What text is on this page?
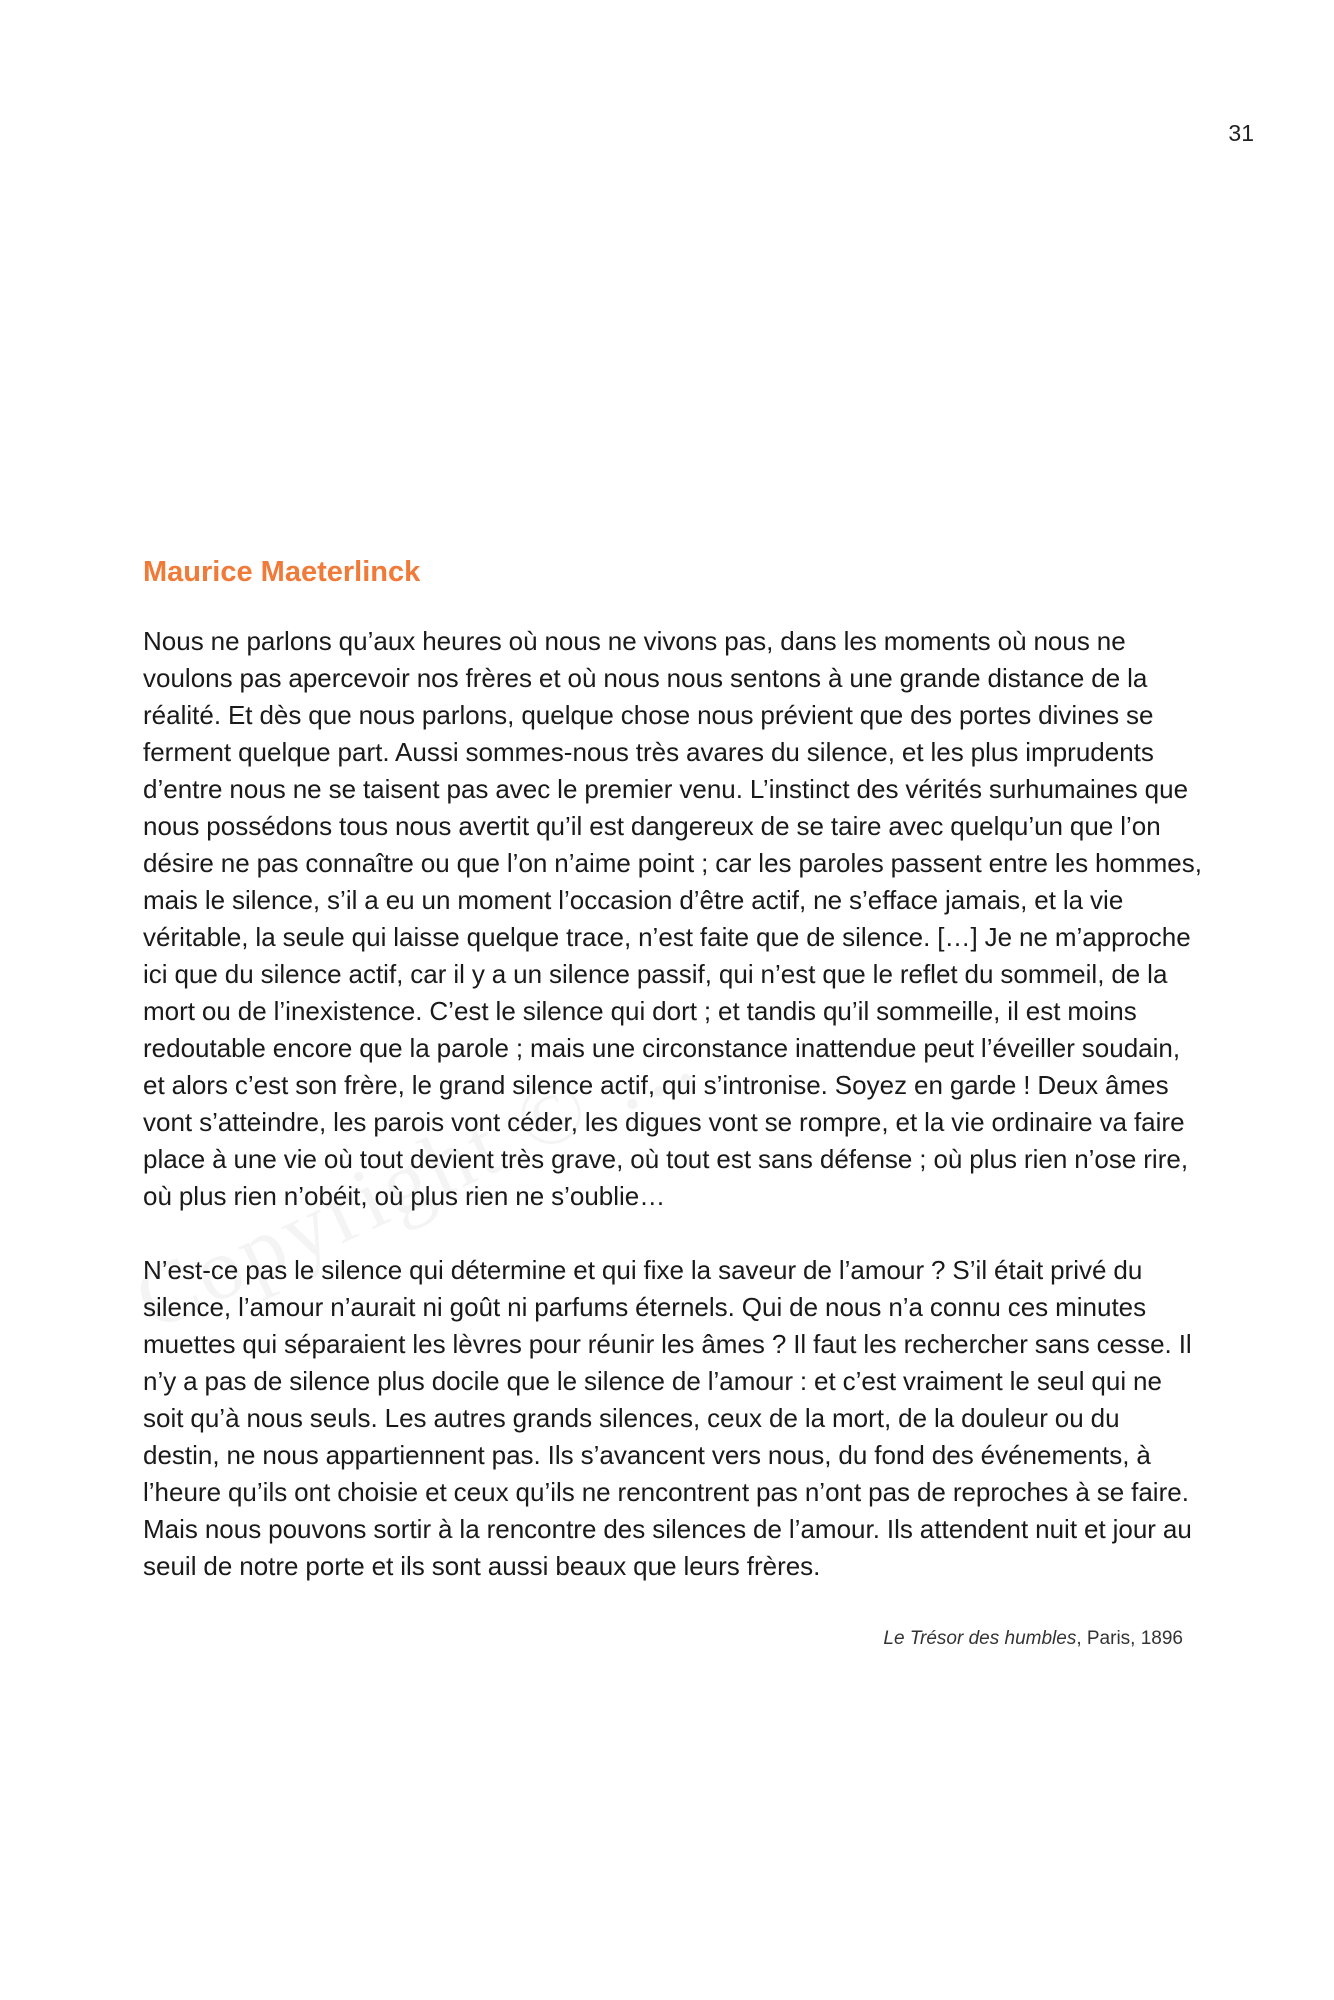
31
Maurice Maeterlinck

Nous ne parlons qu’aux heures où nous ne vivons pas, dans les moments où nous ne voulons pas apercevoir nos frères et où nous nous sentons à une grande distance de la réalité. Et dès que nous parlons, quelque chose nous prévient que des portes divines se ferment quelque part. Aussi sommes-nous très avares du silence, et les plus imprudents d’entre nous ne se taisent pas avec le premier venu. L’instinct des vérités surhumaines que nous possédons tous nous avertit qu’il est dangereux de se taire avec quelqu’un que l’on désire ne pas connaître ou que l’on n’aime point ; car les paroles passent entre les hommes, mais le silence, s’il a eu un moment l’occasion d’être actif, ne s’efface jamais, et la vie véritable, la seule qui laisse quelque trace, n’est faite que de silence. […] Je ne m’approche ici que du silence actif, car il y a un silence passif, qui n’est que le reflet du sommeil, de la mort ou de l’inexistence. C’est le silence qui dort ; et tandis qu’il sommeille, il est moins redoutable encore que la parole ; mais une circonstance inattendue peut l’éveiller soudain, et alors c’est son frère, le grand silence actif, qui s’intronise. Soyez en garde ! Deux âmes vont s’atteindre, les parois vont céder, les digues vont se rompre, et la vie ordinaire va faire place à une vie où tout devient très grave, où tout est sans défense ; où plus rien n’ose rire, où plus rien n’obéit, où plus rien ne s’oublie…

N’est-ce pas le silence qui détermine et qui fixe la saveur de l’amour ? S’il était privé du silence, l’amour n’aurait ni goût ni parfums éternels. Qui de nous n’a connu ces minutes muettes qui séparaient les lèvres pour réunir les âmes ? Il faut les rechercher sans cesse. Il n’y a pas de silence plus docile que le silence de l’amour : et c’est vraiment le seul qui ne soit qu’à nous seuls. Les autres grands silences, ceux de la mort, de la douleur ou du destin, ne nous appartiennent pas. Ils s’avancent vers nous, du fond des événements, à l’heure qu’ils ont choisie et ceux qu’ils ne rencontrent pas n’ont pas de reproches à se faire. Mais nous pouvons sortir à la rencontre des silences de l’amour. Ils attendent nuit et jour au seuil de notre porte et ils sont aussi beaux que leurs frères.

Le Trésor des humbles, Paris, 1896
